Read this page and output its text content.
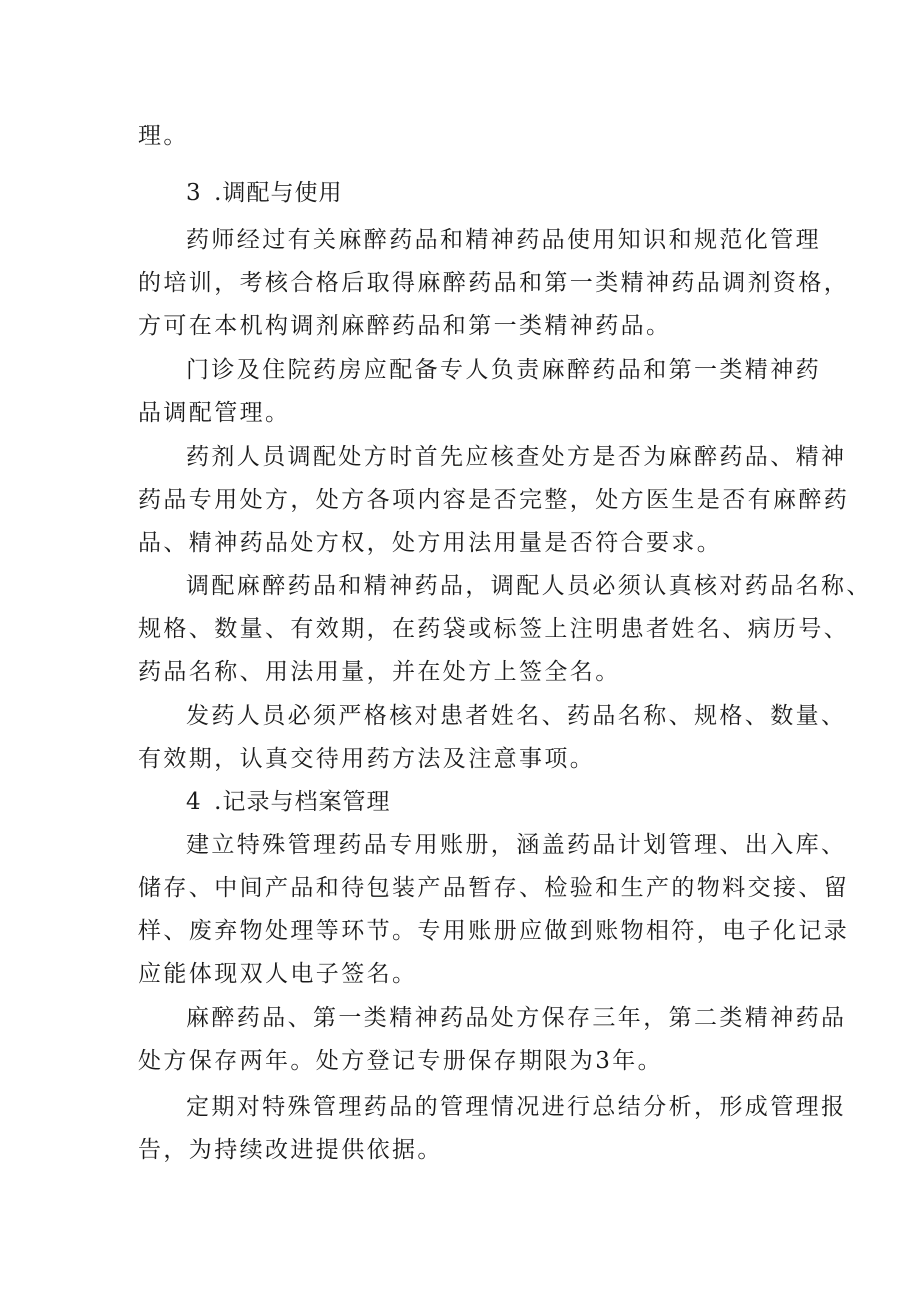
理。
3 .调配与使用
药师经过有关麻醉药品和精神药品使用知识和规范化管理
的培训，考核合格后取得麻醉药品和第一类精神药品调剂资格，
方可在本机构调剂麻醉药品和第一类精神药品。
门诊及住院药房应配备专人负责麻醉药品和第一类精神药
品调配管理。
药剂人员调配处方时首先应核查处方是否为麻醉药品、精神
药品专用处方，处方各项内容是否完整，处方医生是否有麻醉药
品、精神药品处方权，处方用法用量是否符合要求。
调配麻醉药品和精神药品，调配人员必须认真核对药品名称、
规格、数量、有效期，在药袋或标签上注明患者姓名、病历号、
药品名称、用法用量，并在处方上签全名。
发药人员必须严格核对患者姓名、药品名称、规格、数量、
有效期，认真交待用药方法及注意事项。
4 .记录与档案管理
建立特殊管理药品专用账册，涵盖药品计划管理、出入库、
储存、中间产品和待包装产品暂存、检验和生产的物料交接、留
样、废弃物处理等环节。专用账册应做到账物相符，电子化记录
应能体现双人电子签名。
麻醉药品、第一类精神药品处方保存三年，第二类精神药品
处方保存两年。处方登记专册保存期限为3年。
定期对特殊管理药品的管理情况进行总结分析，形成管理报
告，为持续改进提供依据。
